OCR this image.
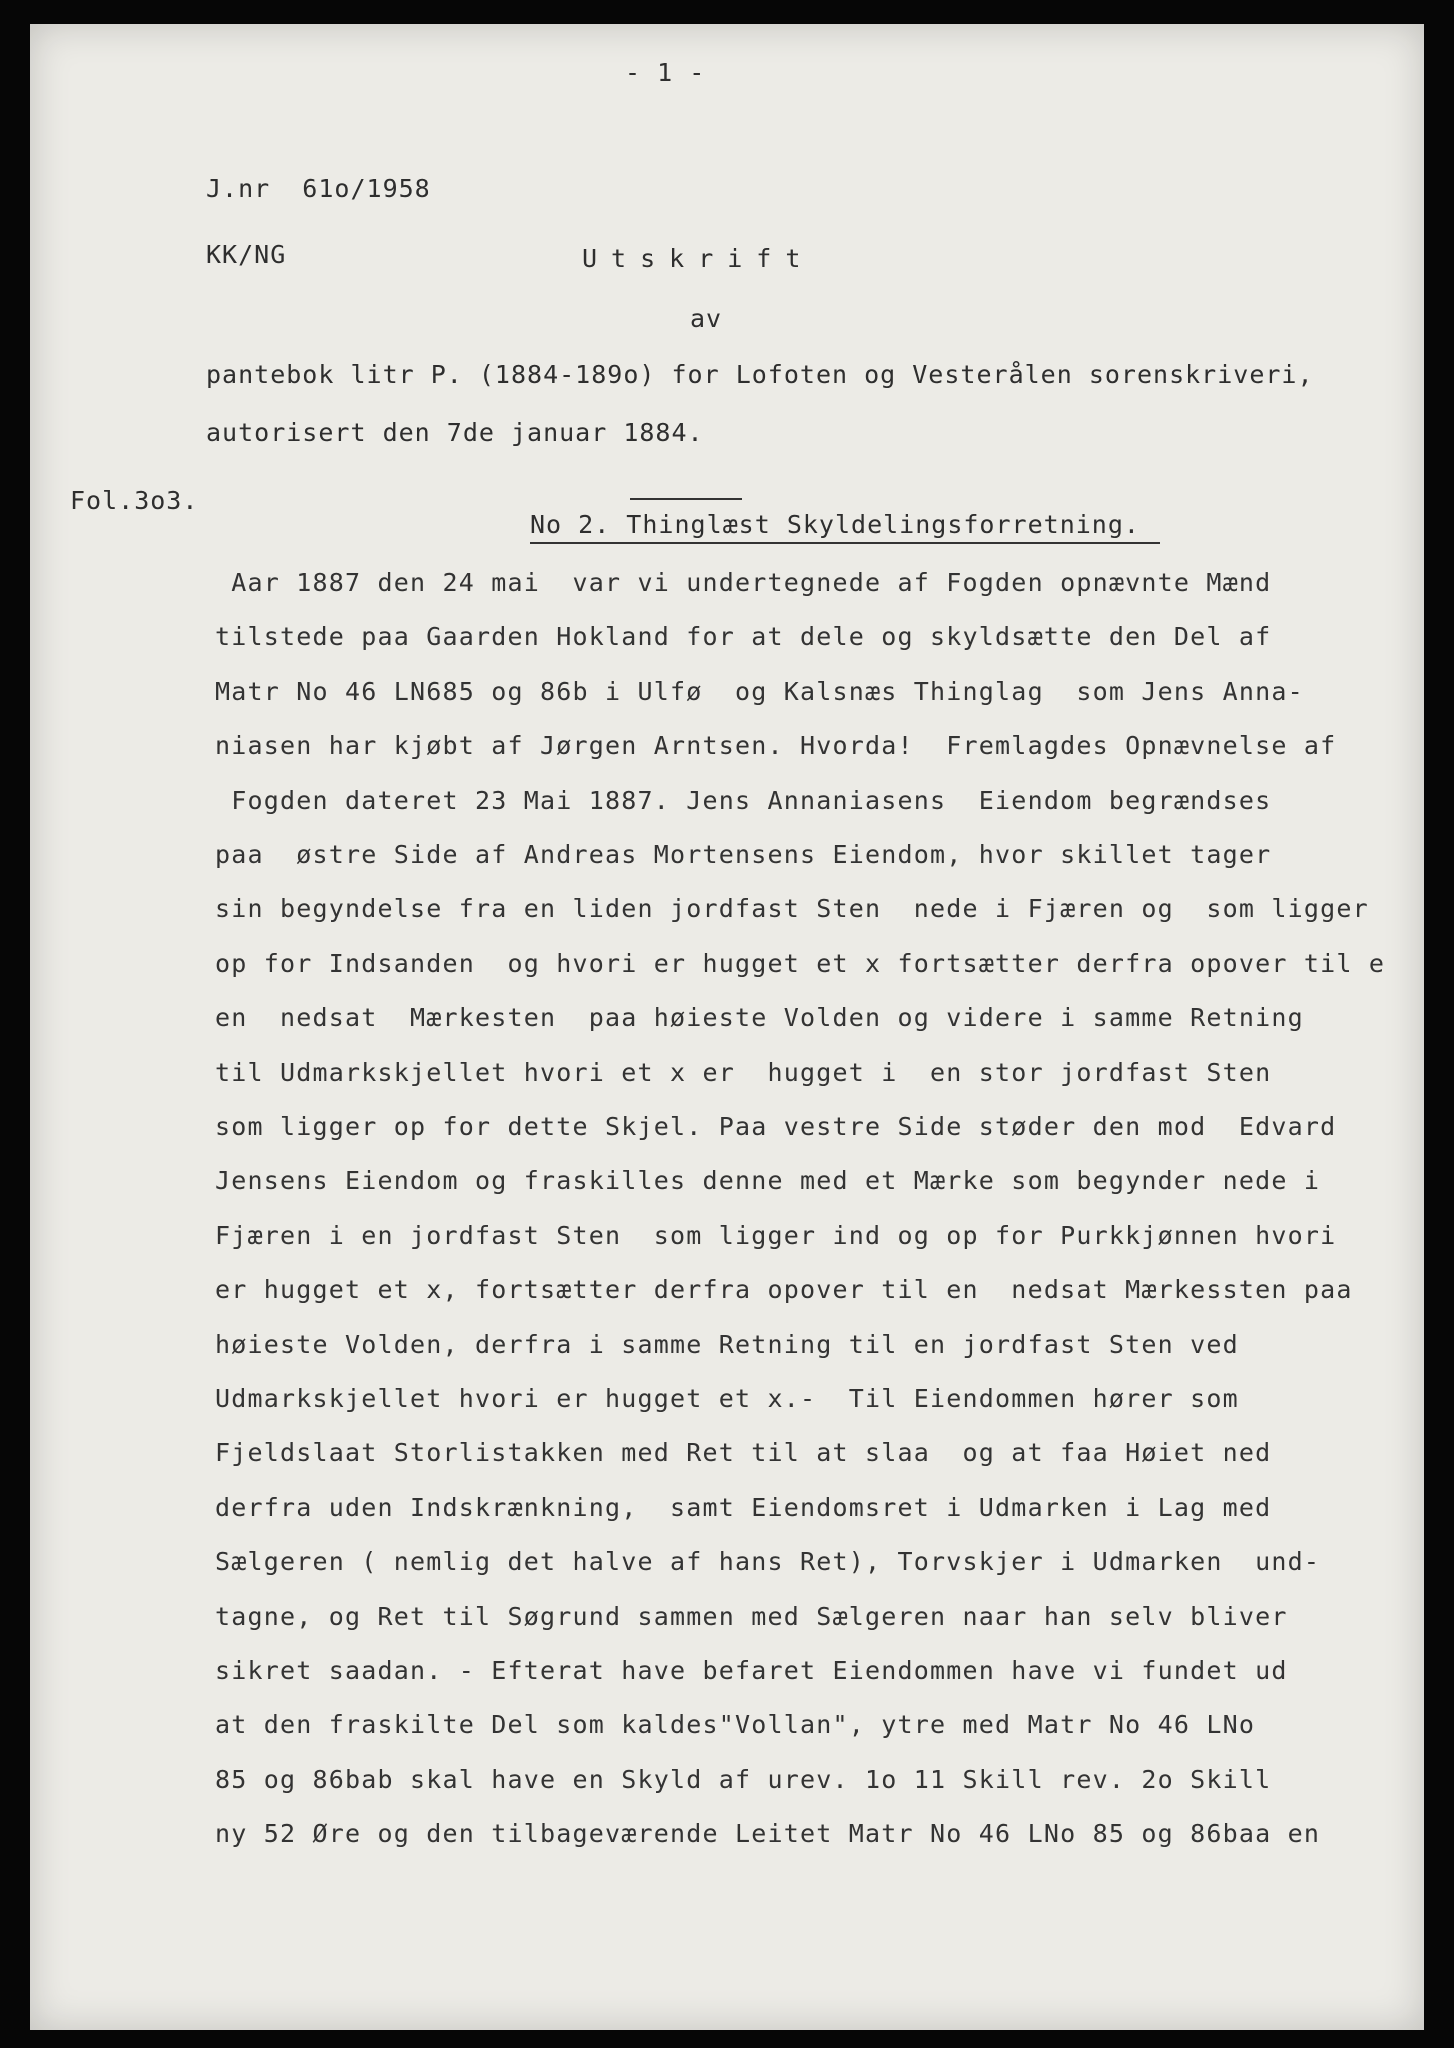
- 1 -
J.nr  61o/1958
KK/NG	Utskrift
av
pantebok litr P. (1884-189o) for Lofoten og Vesterålen sorenskriveri,
autorisert den 7de januar 1884.
Fol.3o3.
No 2. Thinglæst Skyldelingsforretning.
Aar 1887 den 24 mai  var vi undertegnede af Fogden opnævnte Mænd
tilstede paa Gaarden Hokland for at dele og skyldsætte den Del af
Matr No 46 LN685 og 86b i Ulfø  og Kalsnæs Thinglag  som Jens Anna-
niasen har kjøbt af Jørgen Arntsen. Hvorda!  Fremlagdes Opnævnelse af
Fogden dateret 23 Mai 1887. Jens Annaniasens  Eiendom begrændses
paa  østre Side af Andreas Mortensens Eiendom, hvor skillet tager
sin begyndelse fra en liden jordfast Sten  nede i Fjæren og  som ligger
op for Indsanden  og hvori er hugget et x fortsætter derfra opover til e
en  nedsat  Mærkesten  paa høieste Volden og videre i samme Retning
til Udmarkskjellet hvori et x er  hugget i  en stor jordfast Sten
som ligger op for dette Skjel. Paa vestre Side støder den mod  Edvard
Jensens Eiendom og fraskilles denne med et Mærke som begynder nede i
Fjæren i en jordfast Sten  som ligger ind og op for Purkkjønnen hvori
er hugget et x, fortsætter derfra opover til en  nedsat Mærkessten paa
høieste Volden, derfra i samme Retning til en jordfast Sten ved
Udmarkskjellet hvori er hugget et x.-  Til Eiendommen hører som
Fjeldslaat Storlistakken med Ret til at slaa  og at faa Høiet ned
derfra uden Indskrænkning,  samt Eiendomsret i Udmarken i Lag med
Sælgeren ( nemlig det halve af hans Ret), Torvskjer i Udmarken  und-
tagne, og Ret til Søgrund sammen med Sælgeren naar han selv bliver
sikret saadan. - Efterat have befaret Eiendommen have vi fundet ud
at den fraskilte Del som kaldes"Vollan", ytre med Matr No 46 LNo
85 og 86bab skal have en Skyld af urev. 1o 11 Skill rev. 2o Skill
ny 52 Øre og den tilbageværende Leitet Matr No 46 LNo 85 og 86baa en
